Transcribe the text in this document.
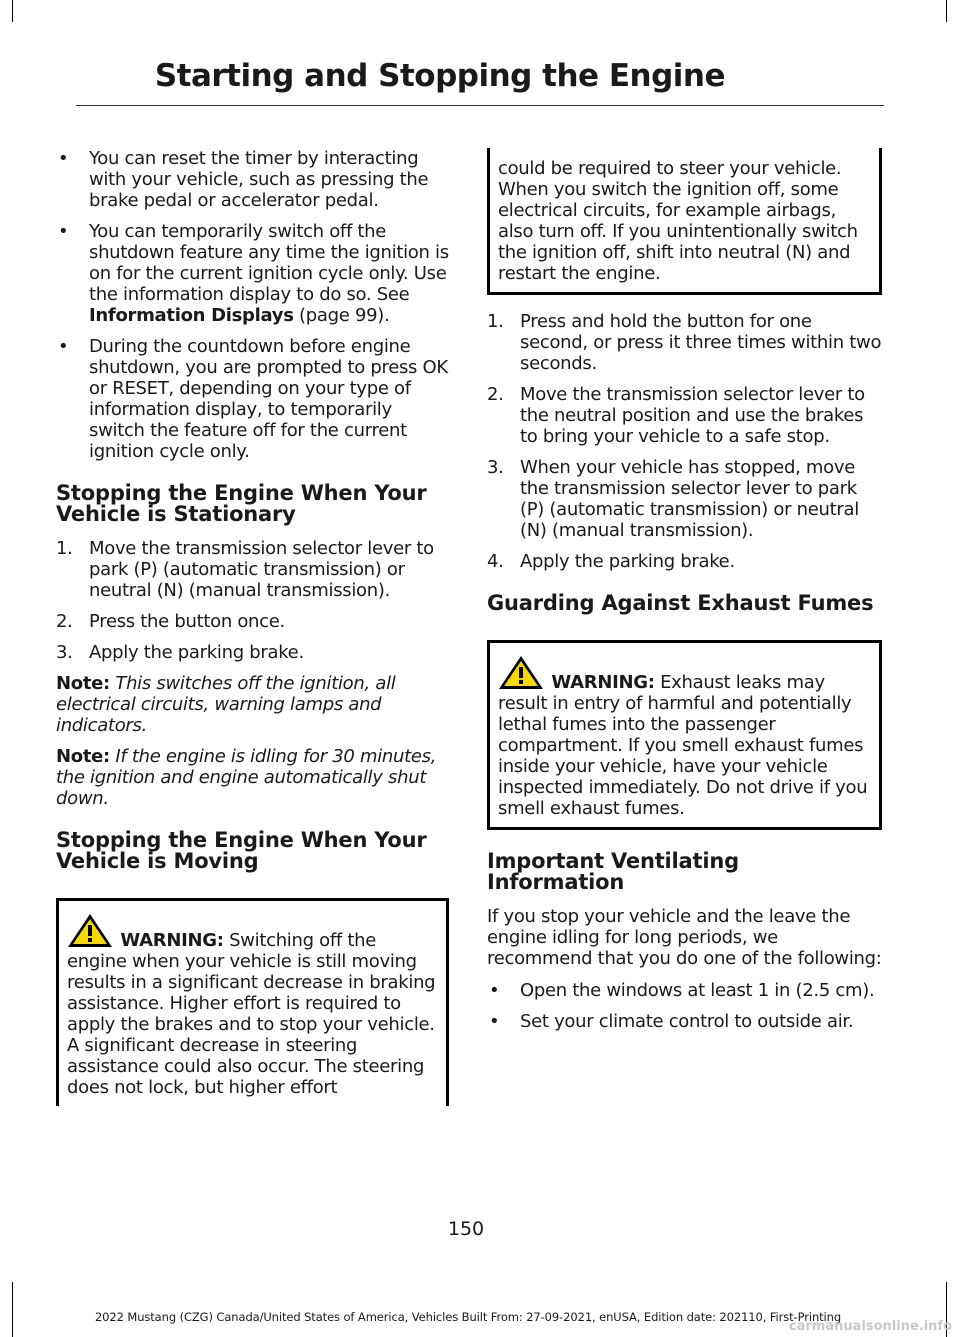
Starting and Stopping the Engine
• You can reset the timer by interacting with your vehicle, such as pressing the brake pedal or accelerator pedal.
• You can temporarily switch off the shutdown feature any time the ignition is on for the current ignition cycle only. Use the information display to do so. See Information Displays (page 99).
• During the countdown before engine shutdown, you are prompted to press OK or RESET, depending on your type of information display, to temporarily switch the feature off for the current ignition cycle only.
Stopping the Engine When Your Vehicle is Stationary
1. Move the transmission selector lever to park (P) (automatic transmission) or neutral (N) (manual transmission).
2. Press the button once.
3. Apply the parking brake.

Note: This switches off the ignition, all electrical circuits, warning lamps and indicators.

Note: If the engine is idling for 30 minutes, the ignition and engine automatically shut down.

Stopping the Engine When Your Vehicle is Moving
WARNING: Switching off the engine when your vehicle is still moving results in a significant decrease in braking assistance. Higher effort is required to apply the brakes and to stop your vehicle. A significant decrease in steering assistance could also occur. The steering does not lock, but higher effort
could be required to steer your vehicle. When you switch the ignition off, some electrical circuits, for example airbags, also turn off. If you unintentionally switch the ignition off, shift into neutral (N) and restart the engine.
1. Press and hold the button for one second, or press it three times within two seconds.
2. Move the transmission selector lever to the neutral position and use the brakes to bring your vehicle to a safe stop.
3. When your vehicle has stopped, move the transmission selector lever to park (P) (automatic transmission) or neutral (N) (manual transmission).
4. Apply the parking brake.
Guarding Against Exhaust Fumes
WARNING: Exhaust leaks may result in entry of harmful and potentially lethal fumes into the passenger compartment. If you smell exhaust fumes inside your vehicle, have your vehicle inspected immediately. Do not drive if you smell exhaust fumes.
Important Ventilating Information

If you stop your vehicle and the leave the engine idling for long periods, we recommend that you do one of the following:

• Open the windows at least 1 in (2.5 cm).
• Set your climate control to outside air.
150
2022 Mustang (CZG) Canada/United States of America, Vehicles Built From: 27-09-2021, enUSA, Edition date: 202110, First-Printing
carmanualsonline.info
